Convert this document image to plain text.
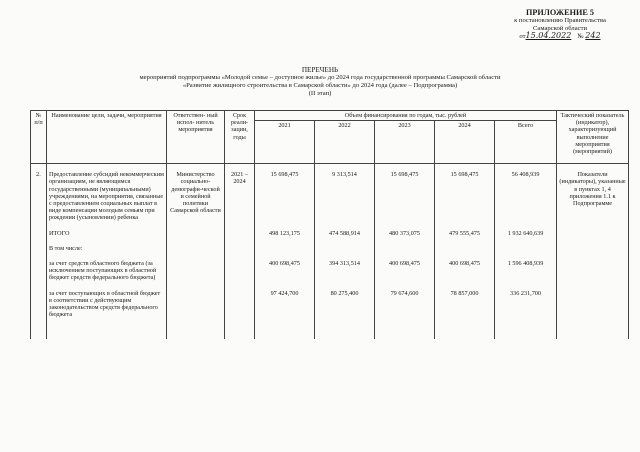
ПРИЛОЖЕНИЕ 5
к постановлению Правительства
Самарской области
от15.04.2022 № 242
ПЕРЕЧЕНЬ
мероприятий подпрограммы «Молодой семье – доступное жилье» до 2024 года государственной программы Самарской области
«Развитие жилищного строительства в Самарской области» до 2024 года (далее – Подпрограмма)
(II этап)
№ п/п	Наименование цели, задачи, мероприятия	Ответствен- ный испол- нитель мероприятия	Срок реали- зации, годы	Объем финансирования по годам, тыс. рублей					Тактический показатель (индикатор), характеризующий выполнение мероприятия (мероприятий)
				2021	2022	2023	2024	Всего	

2.	Предоставление субсидий некоммерческим организациям, не являющимся государственными (муниципальными) учреждениями, на мероприятия, связанные с предоставлением социальных выплат в виде компенсации молодым семьям при рождении (усыновлении) ребенка	Министерство социально-демографи-ческой и семейной политики Самарской области	2021 – 2024	15 698,475	9 313,514	15 698,475	15 698,475	56 408,939	Показатели (индикаторы), указанные в пунктах 1, 4 приложения 1.1 к Подпрограмме

	ИТОГО			498 123,175	474 588,914	480 373,075	479 555,475	1 932 640,639	

	В том числе:								

	за счет средств областного бюджета (за исключением поступающих в областной бюджет средств федерального бюджета)			400 698,475	394 313,514	400 698,475	400 698,475	1 596 408,939	

	за счет поступающих в областной бюджет в соответствии с действующим законодательством средств федерального бюджета			97 424,700	80 275,400	79 674,600	78 857,000	336 231,700	
